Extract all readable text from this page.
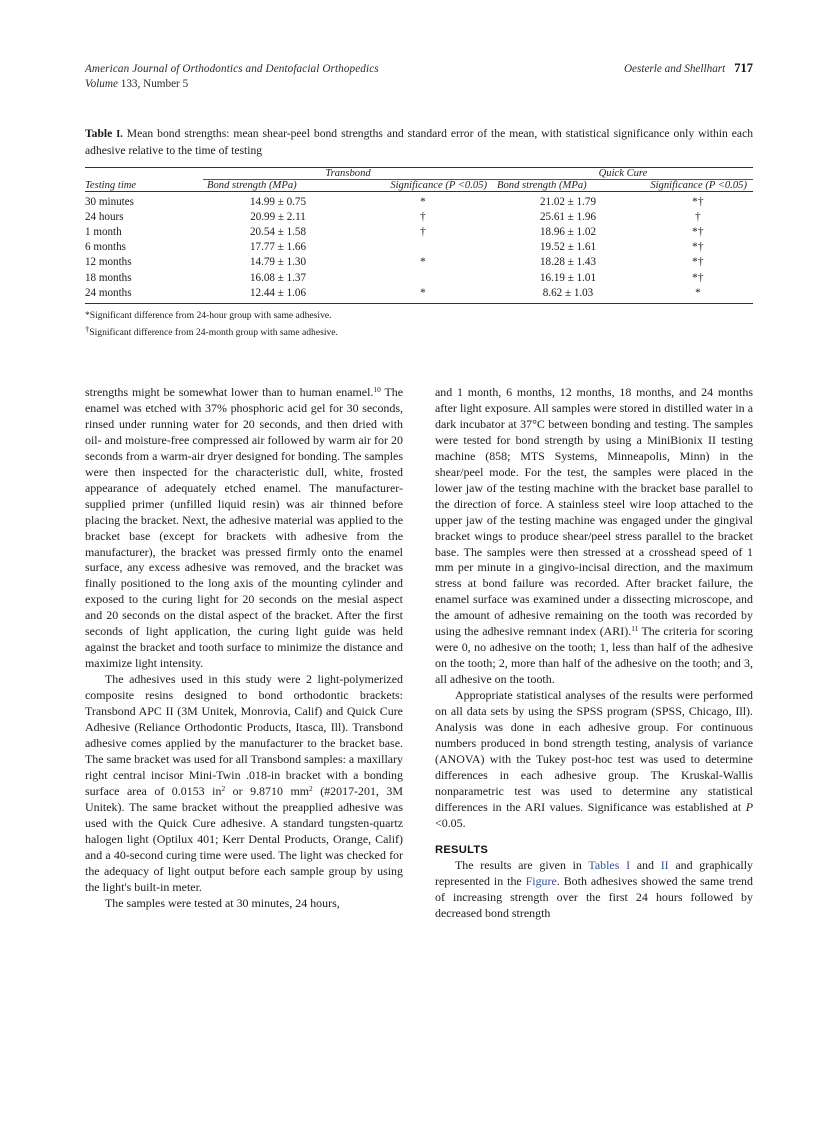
American Journal of Orthodontics and Dentofacial Orthopedics	Oesterle and Shellhart 717
Volume 133, Number 5
Table I. Mean bond strengths: mean shear-peel bond strengths and standard error of the mean, with statistical significance only within each adhesive relative to the time of testing

	Transbond		Quick Cure	
Testing time	Bond strength (MPa)	Significance (P <0.05)	Bond strength (MPa)	Significance (P <0.05)

30 minutes	14.99 ± 0.75	*	21.02 ± 1.79	*†
24 hours	20.99 ± 2.11	†	25.61 ± 1.96	†
1 month	20.54 ± 1.58	†	18.96 ± 1.02	*†
6 months	17.77 ± 1.66		19.52 ± 1.61	*†
12 months	14.79 ± 1.30	*	18.28 ± 1.43	*†
18 months	16.08 ± 1.37		16.19 ± 1.01	*†
24 months	12.44 ± 1.06	*	8.62 ± 1.03	*

*Significant difference from 24-hour group with same adhesive.
†Significant difference from 24-month group with same adhesive.

strengths might be somewhat lower than to human enamel.$^{10}$ The enamel was etched with 37% phosphoric acid gel for 30 seconds, rinsed under running water for 20 seconds, and then dried with oil- and moisture-free compressed air followed by warm air for 20 seconds from a warm-air dryer designed for bonding. The samples were then inspected for the characteristic dull, white, frosted appearance of adequately etched enamel. The manufacturer-supplied primer (unfilled liquid resin) was air thinned before placing the bracket. Next, the adhesive material was applied to the bracket base (except for brackets with adhesive from the manufacturer), the bracket was pressed firmly onto the enamel surface, any excess adhesive was removed, and the bracket was finally positioned to the long axis of the mounting cylinder and exposed to the curing light for 20 seconds on the mesial aspect and 20 seconds on the distal aspect of the bracket. After the first seconds of light application, the curing light guide was held against the bracket and tooth surface to minimize the distance and maximize light intensity.

The adhesives used in this study were 2 light-polymerized composite resins designed to bond orthodontic brackets: Transbond APC II (3M Unitek, Monrovia, Calif) and Quick Cure Adhesive (Reliance Orthodontic Products, Itasca, Ill). Transbond adhesive comes applied by the manufacturer to the bracket base. The same bracket was used for all Transbond samples: a maxillary right central incisor Mini-Twin .018-in bracket with a bonding surface area of 0.0153 $in^2$ or 9.8710 $mm^2$ (#2017-201, 3M Unitek). The same bracket without the preapplied adhesive was used with the Quick Cure adhesive. A standard tungsten-quartz halogen light (Optilux 401; Kerr Dental Products, Orange, Calif) and a 40-second curing time were used. The light was checked for the adequacy of light output before each sample group by using the light's built-in meter.

The samples were tested at 30 minutes, 24 hours,

and 1 month, 6 months, 12 months, 18 months, and 24 months after light exposure. All samples were stored in distilled water in a dark incubator at 37°C between bonding and testing. The samples were tested for bond strength by using a MiniBionix II testing machine (858; MTS Systems, Minneapolis, Minn) in the shear/peel mode. For the test, the samples were placed in the lower jaw of the testing machine with the bracket base parallel to the direction of force. A stainless steel wire loop attached to the upper jaw of the testing machine was engaged under the gingival bracket wings to produce shear/peel stress parallel to the bracket base. The samples were then stressed at a crosshead speed of 1 mm per minute in a gingivo-incisal direction, and the maximum stress at bond failure was recorded. After bracket failure, the enamel surface was examined under a dissecting microscope, and the amount of adhesive remaining on the tooth was recorded by using the adhesive remnant index (ARI).$^{11}$ The criteria for scoring were 0, no adhesive on the tooth; 1, less than half of the adhesive on the tooth; 2, more than half of the adhesive on the tooth; and 3, all adhesive on the tooth.

Appropriate statistical analyses of the results were performed on all data sets by using the SPSS program (SPSS, Chicago, Ill). Analysis was done in each adhesive group. For continuous numbers produced in bond strength testing, analysis of variance (ANOVA) with the Tukey post-hoc test was used to determine differences in each adhesive group. The Kruskal-Wallis nonparametric test was used to determine any statistical differences in the ARI values. Significance was established at P <0.05.

RESULTS

The results are given in Tables I and II and graphically represented in the Figure. Both adhesives showed the same trend of increasing strength over the first 24 hours followed by decreased bond strength
